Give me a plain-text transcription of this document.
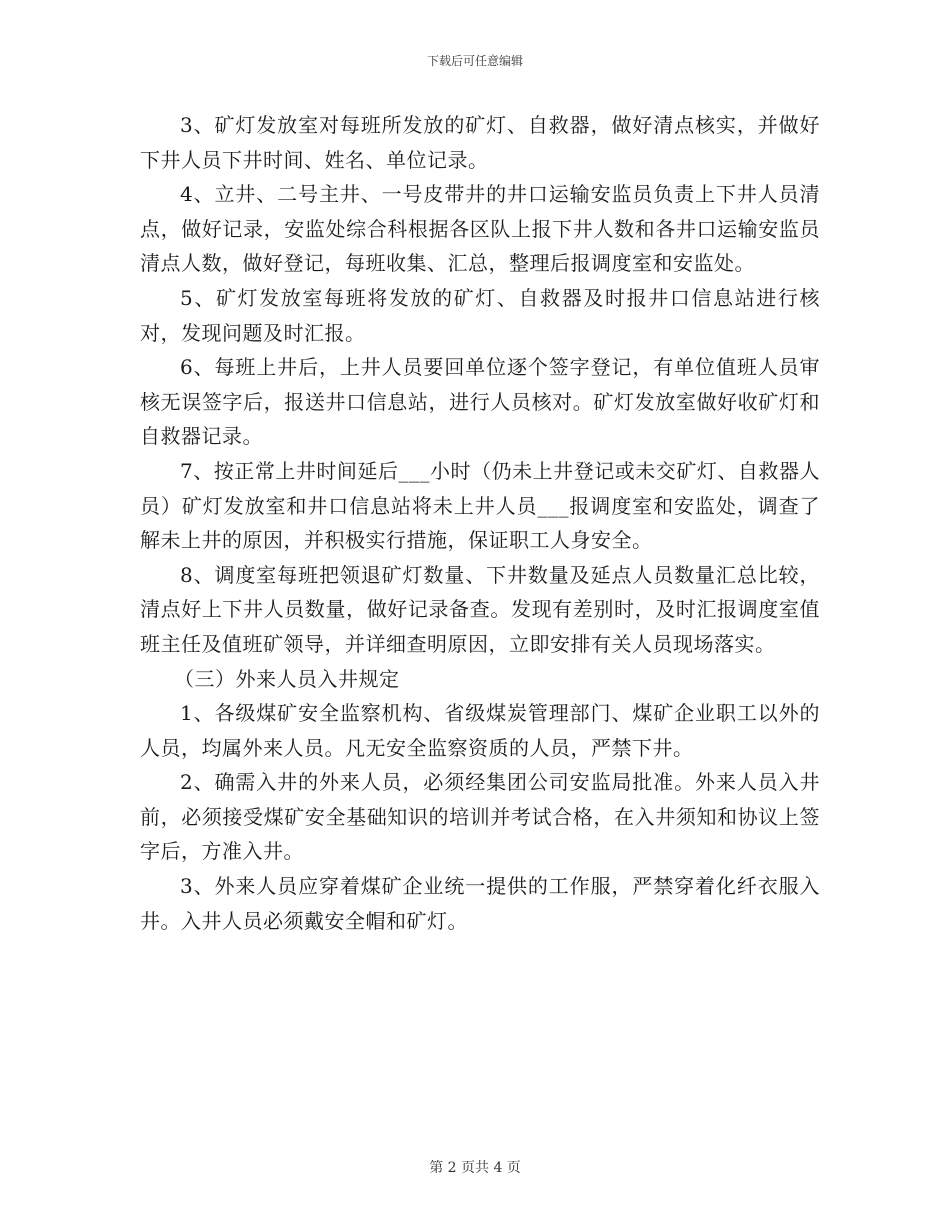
下载后可任意编辑

3、矿灯发放室对每班所发放的矿灯、自救器，做好清点核实，并做好下井人员下井时间、姓名、单位记录。

4、立井、二号主井、一号皮带井的井口运输安监员负责上下井人员清点，做好记录，安监处综合科根据各区队上报下井人数和各井口运输安监员清点人数，做好登记，每班收集、汇总，整理后报调度室和安监处。

5、矿灯发放室每班将发放的矿灯、自救器及时报井口信息站进行核对，发现问题及时汇报。

6、每班上井后，上井人员要回单位逐个签字登记，有单位值班人员审核无误签字后，报送井口信息站，进行人员核对。矿灯发放室做好收矿灯和自救器记录。

7、按正常上井时间延后___小时（仍未上井登记或未交矿灯、自救器人员）矿灯发放室和井口信息站将未上井人员___报调度室和安监处，调查了解未上井的原因，并积极实行措施，保证职工人身安全。

8、调度室每班把领退矿灯数量、下井数量及延点人员数量汇总比较，清点好上下井人员数量，做好记录备查。发现有差别时，及时汇报调度室值班主任及值班矿领导，并详细查明原因，立即安排有关人员现场落实。

（三）外来人员入井规定

1、各级煤矿安全监察机构、省级煤炭管理部门、煤矿企业职工以外的人员，均属外来人员。凡无安全监察资质的人员，严禁下井。

2、确需入井的外来人员，必须经集团公司安监局批准。外来人员入井前，必须接受煤矿安全基础知识的培训并考试合格，在入井须知和协议上签字后，方准入井。

3、外来人员应穿着煤矿企业统一提供的工作服，严禁穿着化纤衣服入井。入井人员必须戴安全帽和矿灯。

第 2 页共 4 页
